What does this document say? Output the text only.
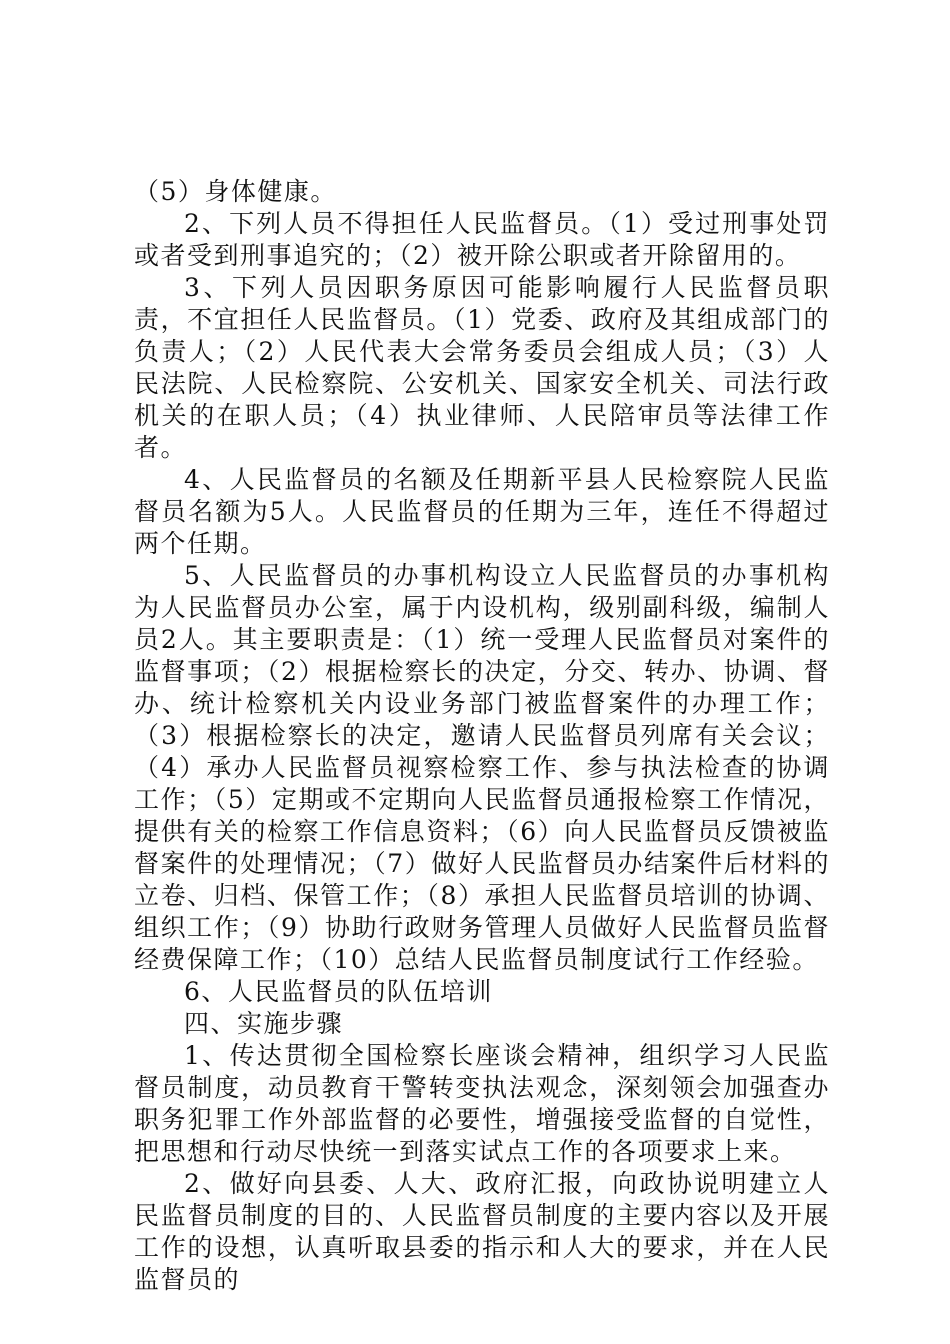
（5）身体健康。

2、下列人员不得担任人民监督员。（1）受过刑事处罚或者受到刑事追究的；（2）被开除公职或者开除留用的。

3、下列人员因职务原因可能影响履行人民监督员职责，不宜担任人民监督员。（1）党委、政府及其组成部门的负责人；（2）人民代表大会常务委员会组成人员；（3）人民法院、人民检察院、公安机关、国家安全机关、司法行政机关的在职人员；（4）执业律师、人民陪审员等法律工作者。

4、人民监督员的名额及任期新平县人民检察院人民监督员名额为5人。人民监督员的任期为三年，连任不得超过两个任期。

5、人民监督员的办事机构设立人民监督员的办事机构为人民监督员办公室，属于内设机构，级别副科级，编制人员2人。其主要职责是：（1）统一受理人民监督员对案件的监督事项；（2）根据检察长的决定，分交、转办、协调、督办、统计检察机关内设业务部门被监督案件的办理工作；（3）根据检察长的决定，邀请人民监督员列席有关会议；（4）承办人民监督员视察检察工作、参与执法检查的协调工作；（5）定期或不定期向人民监督员通报检察工作情况，提供有关的检察工作信息资料；（6）向人民监督员反馈被监督案件的处理情况；（7）做好人民监督员办结案件后材料的立卷、归档、保管工作；（8）承担人民监督员培训的协调、组织工作；（9）协助行政财务管理人员做好人民监督员监督经费保障工作；（10）总结人民监督员制度试行工作经验。

6、人民监督员的队伍培训

四、实施步骤

1、传达贯彻全国检察长座谈会精神，组织学习人民监督员制度，动员教育干警转变执法观念，深刻领会加强查办职务犯罪工作外部监督的必要性，增强接受监督的自觉性，把思想和行动尽快统一到落实试点工作的各项要求上来。

2、做好向县委、人大、政府汇报，向政协说明建立人民监督员制度的目的、人民监督员制度的主要内容以及开展工作的设想，认真听取县委的指示和人大的要求，并在人民监督员的
